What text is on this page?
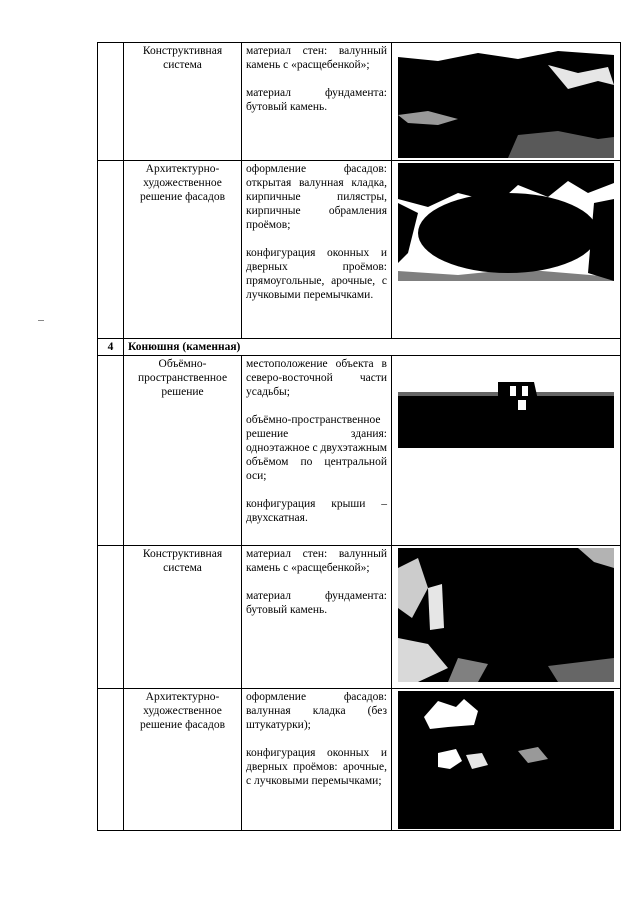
	Конструктивная система	материал стен: валунный камень с «расщебенкой»;

материал фундамента: бутовый камень.

	Архитектурно-художественное решение фасадов	оформление фасадов: открытая валунная кладка, кирпичные пилястры, кирпичные обрамления проёмов;

конфигурация оконных и дверных проёмов: прямоугольные, арочные, с лучковыми перемычками.

4	Конюшня (каменная)		
	Объёмно-пространственное решение	местоположение объекта в северо-восточной части усадьбы;

объёмно-пространственное решение здания: одноэтажное с двухэтажным объёмом по центральной оси;

конфигурация крыши – двухскатная.

	Конструктивная система	материал стен: валунный камень с «расщебенкой»;

материал фундамента: бутовый камень.

	Архитектурно-художественное решение фасадов	оформление фасадов: валунная кладка (без штукатурки);

конфигурация оконных и дверных проёмов: арочные, с лучковыми перемычками;
